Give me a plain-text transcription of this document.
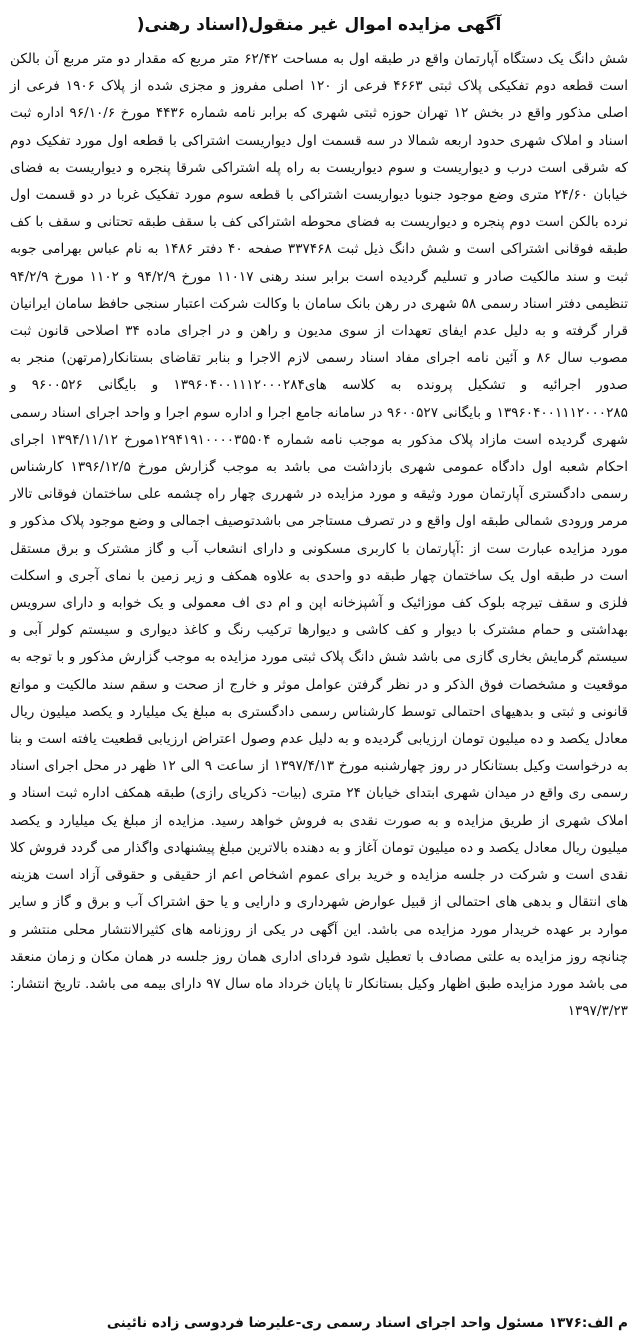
آگهی مزایده اموال غیر منقول(اسناد رهنی(

شش دانگ یک دستگاه آپارتمان واقع در طبقه اول به مساحت ۶۲/۴۲ متر مربع که مقدار دو متر مربع آن بالکن است قطعه دوم تفکیکی پلاک ثبتی ۴۶۶۳ فرعی از ۱۲۰ اصلی مفروز و مجزی شده از پلاک ۱۹۰۶ فرعی از اصلی مذکور واقع در بخش ۱۲ تهران حوزه ثبتی شهری که برابر نامه شماره ۴۴۳۶ مورخ ۹۶/۱۰/۶ اداره ثبت اسناد و املاک شهری حدود اربعه شمالا در سه قسمت اول دیواریست اشتراکی با قطعه اول مورد تفکیک دوم که شرقی است درب و دیواریست و سوم دیواریست به راه پله اشتراکی شرقا پنجره و دیواریست به فضای خیابان ۲۴/۶۰ متری وضع موجود جنوبا دیواریست اشتراکی با قطعه سوم مورد تفکیک غربا در دو قسمت اول نرده بالکن است دوم پنجره و دیواریست به فضای محوطه اشتراکی کف با سقف طبقه تحتانی و سقف با کف طبقه فوقانی اشتراکی است و شش دانگ ذیل ثبت ۳۳۷۴۶۸ صفحه ۴۰ دفتر ۱۴۸۶ به نام عباس بهرامی جوبه ثبت و سند مالکیت صادر و تسلیم گردیده است برابر سند رهنی ۱۱۰۱۷ مورخ ۹۴/۲/۹ و ۱۱۰۲ مورخ ۹۴/۲/۹ تنظیمی دفتر اسناد رسمی ۵۸ شهری در رهن بانک سامان با وکالت شرکت اعتبار سنجی حافظ سامان ایرانیان قرار گرفته و به دلیل عدم ایفای تعهدات از سوی مدیون و راهن و در اجرای ماده ۳۴ اصلاحی قانون ثبت مصوب سال ۸۶ و آئین نامه اجرای مفاد اسناد رسمی لازم الاجرا و بنابر تقاضای بستانکار(مرتهن) منجر به صدور اجرائیه و تشکیل پرونده به کلاسه های۱۳۹۶۰۴۰۰۱۱۱۲۰۰۰۲۸۴ و بایگانی ۹۶۰۰۵۲۶ و ۱۳۹۶۰۴۰۰۱۱۱۲۰۰۰۲۸۵ و بایگانی ۹۶۰۰۵۲۷ در سامانه جامع اجرا و اداره سوم اجرا و واحد اجرای اسناد رسمی شهری گردیده است مازاد پلاک مذکور به موجب نامه شماره ۱۲۹۴۱۹۱۰۰۰۰۳۵۵۰۴مورخ ۱۳۹۴/۱۱/۱۲ اجرای احکام شعبه اول دادگاه عمومی شهری بازداشت می باشد به موجب گزارش مورخ ۱۳۹۶/۱۲/۵ کارشناس رسمی دادگستری آپارتمان مورد وثیقه و مورد مزایده در شهرری چهار راه چشمه علی ساختمان فوقانی تالار مرمر ورودی شمالی طبقه اول واقع و در تصرف مستاجر می باشدتوصیف اجمالی و وضع موجود پلاک مذکور و مورد مزایده عبارت ست از :آپارتمان با کاربری مسکونی و دارای انشعاب آب و گاز مشترک و برق مستقل است در طبقه اول یک ساختمان چهار طبقه دو واحدی به علاوه همکف و زیر زمین با نمای آجری و اسکلت فلزی و سقف تیرچه بلوک کف موزائیک و آشپزخانه اپن و ام دی اف معمولی و یک خوابه و دارای سرویس بهداشتی و حمام مشترک با دیوار و کف کاشی و دیوارها ترکیب رنگ و کاغذ دیواری و سیستم کولر آبی و سیستم گرمایش بخاری گازی می باشد شش دانگ پلاک ثبتی مورد مزایده به موجب گزارش مذکور و با توجه به موقعیت و مشخصات فوق الذکر و در نظر گرفتن عوامل موثر و خارج از صحت و سقم سند مالکیت و موانع قانونی و ثبتی و بدهیهای احتمالی توسط کارشناس رسمی دادگستری به مبلغ یک میلیارد و یکصد میلیون ریال معادل یکصد و ده میلیون تومان ارزیابی گردیده و به دلیل عدم وصول اعتراض ارزیابی قطعیت یافته است و بنا به درخواست وکیل بستانکار در روز چهارشنبه مورخ ۱۳۹۷/۴/۱۳ از ساعت ۹ الی ۱۲ ظهر در محل اجرای اسناد رسمی ری واقع در میدان شهری ابتدای خیابان ۲۴ متری (بیات- ذکریای رازی) طبقه همکف اداره ثبت اسناد و املاک شهری از طریق مزایده و به صورت نقدی به فروش خواهد رسید. مزایده از مبلغ یک میلیارد و یکصد میلیون ریال معادل یکصد و ده میلیون تومان آغاز و به دهنده بالاترین مبلغ پیشنهادی واگذار می گردد فروش کلا نقدی است و شرکت در جلسه مزایده و خرید برای عموم اشخاص اعم از حقیقی و حقوقی آزاد است هزینه های انتقال و بدهی های احتمالی از قبیل عوارض شهرداری و دارایی و یا حق اشتراک آب و برق و گاز و سایر موارد بر عهده خریدار مورد مزایده می باشد. این آگهی در یکی از روزنامه های کثیرالانتشار محلی منتشر و چنانچه روز مزایده به علتی مصادف با تعطیل شود فردای اداری همان روز جلسه در همان مکان و زمان منعقد می باشد مورد مزایده طبق اظهار وکیل بستانکار تا پایان خرداد ماه سال ۹۷ دارای بیمه می باشد. تاریخ انتشار: ۱۳۹۷/۳/۲۳

م الف:۱۳۷۶ مسئول واحد اجرای اسناد رسمی ری-علیرضا فردوسی زاده نائینی
